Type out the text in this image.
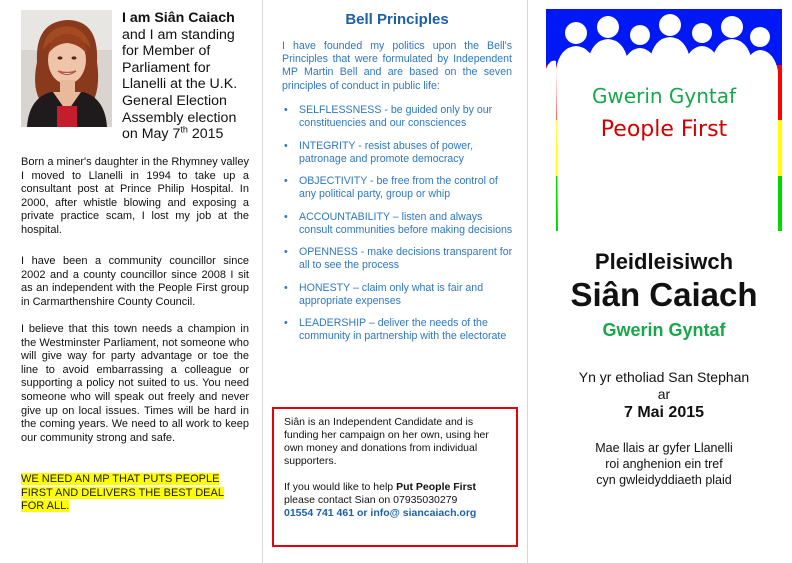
I am Siân Caiach
and I am standing for Member of Parliament for Llanelli at the U.K. General Election Assembly election on May 7th 2015
Born a miner's daughter in the Rhymney valley I moved to Llanelli in 1994 to take up a consultant post at Prince Philip Hospital. In 2000, after whistle blowing and exposing a private practice scam, I lost my job at the hospital.
I have been a community councillor since 2002 and a county councillor since 2008 I sit as an independent with the People First group in Carmarthenshire County Council.
I believe that this town needs a champion in the Westminster Parliament, not someone who will give way for party advantage or toe the line to avoid embarrassing a colleague or supporting a policy not suited to us. You need someone who will speak out freely and never give up on local issues. Times will be hard in the coming years. We need to all work to keep our community strong and safe.
WE NEED AN MP THAT PUTS PEOPLE FIRST AND DELIVERS THE BEST DEAL FOR ALL.
Bell Principles
I have founded my politics upon the Bell's Principles that were formulated by Independent MP Martin Bell and are based on the seven principles of conduct in public life:
• SELFLESSNESS - be guided only by our constituencies and our consciences
• INTEGRITY - resist abuses of power, patronage and promote democracy
• OBJECTIVITY - be free from the control of any political party, group or whip
• ACCOUNTABILITY – listen and always consult communities before making decisions
• OPENNESS - make decisions transparent for all to see the process
• HONESTY – claim only what is fair and appropriate expenses
• LEADERSHIP – deliver the needs of the community in partnership with the electorate
Siân is an Independent Candidate and is funding her campaign on her own, using her own money and donations from individual supporters.
If you would like to help Put People First please contact Sian on 07935030279
01554 741 461 or info@ siancaiach.org
Gwerin Gyntaf
People First
Pleidleisiwch
Siân Caiach
Gwerin Gyntaf
Yn yr etholiad San Stephan
ar
7 Mai 2015
Mae llais ar gyfer Llanelli
roi anghenion ein tref
cyn gwleidyddiaeth plaid
